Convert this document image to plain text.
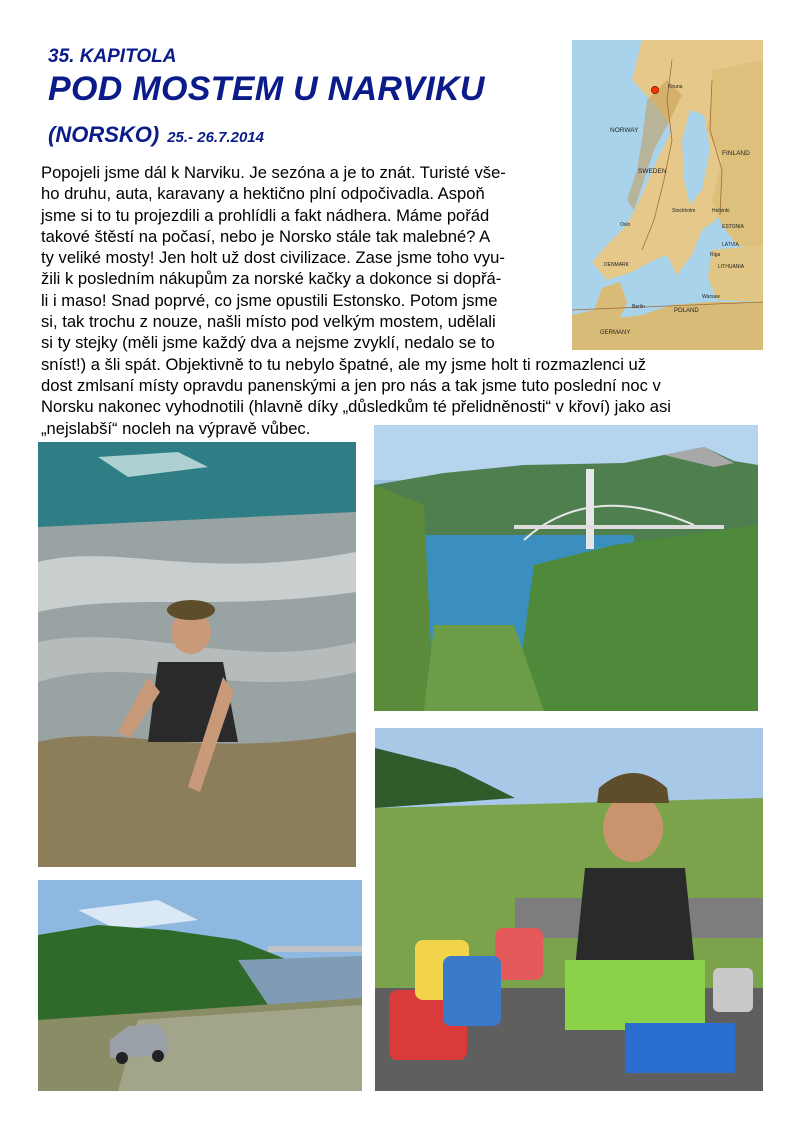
35. KAPITOLA
POD MOSTEM U NARVIKU
(NORSKO) 25.- 26.7.2014
Popojeli jsme dál k Narviku. Je sezóna a je to znát. Turisté vše-
ho druhu, auta, karavany a hektično plní odpočivadla. Aspoň
jsme si to tu projezdili a prohlídli a fakt nádhera. Máme pořád
takové štěstí na počasí, nebo je Norsko stále tak malebné? A
ty veliké mosty! Jen holt už dost civilizace. Zase jsme toho vyu-
žili k posledním nákupům za norské kačky a dokonce si dopřá-
li i maso! Snad poprvé, co jsme opustili Estonsko. Potom jsme
si, tak trochu z nouze, našli místo pod velkým mostem, udělali
si ty stejky (měli jsme každý dva a nejsme zvyklí, nedalo se to
sníst!) a šli spát. Objektivně to tu nebylo špatné, ale my jsme holt ti rozmazlenci už
dost zmlsaní místy opravdu panenskými a jen pro nás a tak jsme tuto poslední noc v
Norsku nakonec vyhodnotili (hlavně díky „důsledkům té přelidněnosti“ v křoví) jako asi
„nejslabší“ nocleh na výpravě vůbec.
NORWAY
SWEDEN
FINLAND
ESTONIA
LATVIA
LITHUANIA
DENMARK
POLAND
GERMANY
Oslo
Stockholm	Helsinki
Riga
Berlin
Warsaw
Kiruna
